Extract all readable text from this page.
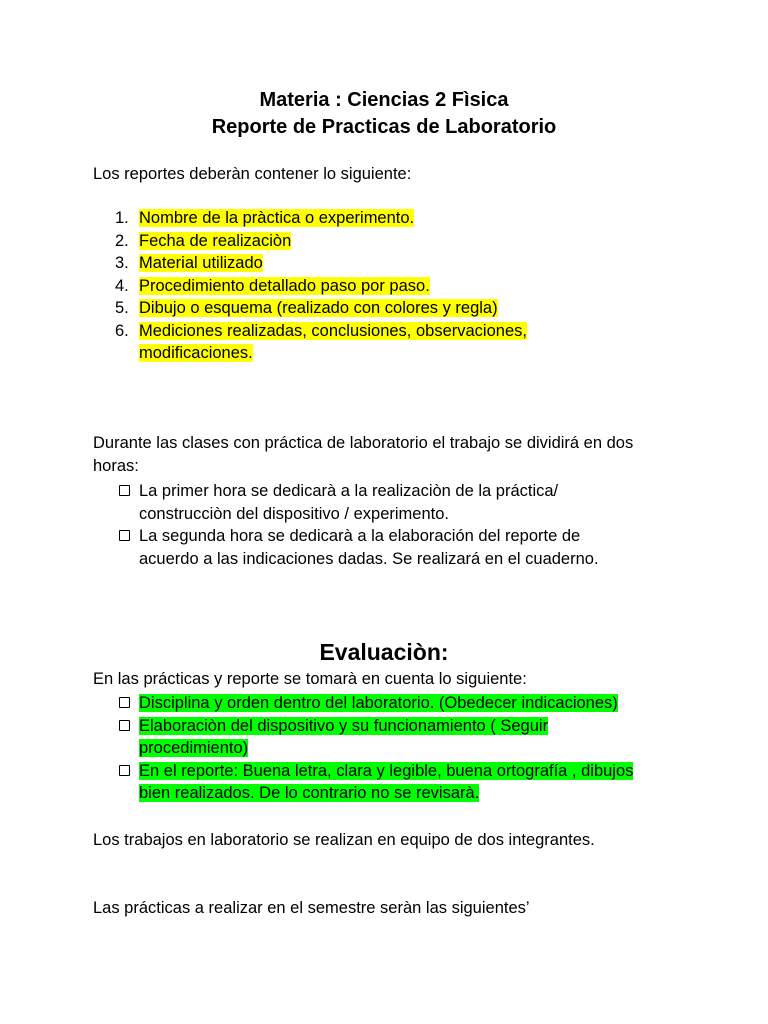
Materia : Ciencias 2 Fìsica

Reporte de Practicas de Laboratorio

Los reportes deberàn contener lo siguiente:

1. Nombre de la pràctica o experimento.
2. Fecha de realizaciòn
3. Material utilizado
4. Procedimiento detallado paso por paso.
5. Dibujo o esquema (realizado con colores y regla)
6. Mediciones realizadas, conclusiones, observaciones, modificaciones.

Durante las clases con práctica de laboratorio el trabajo se dividirá en dos horas:

La primer hora se dedicarà a la realizaciòn de la práctica/ construcciòn del dispositivo / experimento.
La segunda hora se dedicarà a la elaboración del reporte de acuerdo a las indicaciones dadas. Se realizará en el cuaderno.

Evaluaciòn:

En las prácticas y reporte se tomarà en cuenta lo siguiente:

Disciplina y orden dentro del laboratorio. (Obedecer indicaciones)
Elaboraciòn del dispositivo y su funcionamiento ( Seguir procedimiento)
En el reporte: Buena letra, clara y legible, buena ortografía , dibujos bien realizados. De lo contrario no se revisarà.

Los trabajos en laboratorio se realizan en equipo de dos integrantes.

Las prácticas a realizar en el semestre seràn las siguientes’
